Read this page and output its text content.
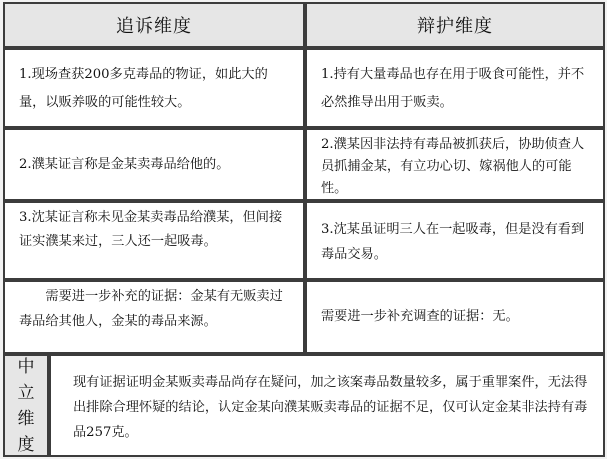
追诉维度	辩护维度
1.现场查获200多克毒品的物证，如此大的量，以贩养吸的可能性较大。
1.持有大量毒品也存在用于吸食可能性，并不必然推导出用于贩卖。
2.濮某证言称是金某卖毒品给他的。
2.濮某因非法持有毒品被抓获后，协助侦查人员抓捕金某，有立功心切、嫁祸他人的可能性。
3.沈某证言称未见金某卖毒品给濮某，但间接证实濮某来过，三人还一起吸毒。
3.沈某虽证明三人在一起吸毒，但是没有看到毒品交易。
需要进一步补充的证据：金某有无贩卖过毒品给其他人，金某的毒品来源。	需要进一步补充调查的证据：无。
中立维度
现有证据证明金某贩卖毒品尚存在疑问，加之该案毒品数量较多，属于重罪案件，无法得出排除合理怀疑的结论，认定金某向濮某贩卖毒品的证据不足，仅可认定金某非法持有毒品257克。
